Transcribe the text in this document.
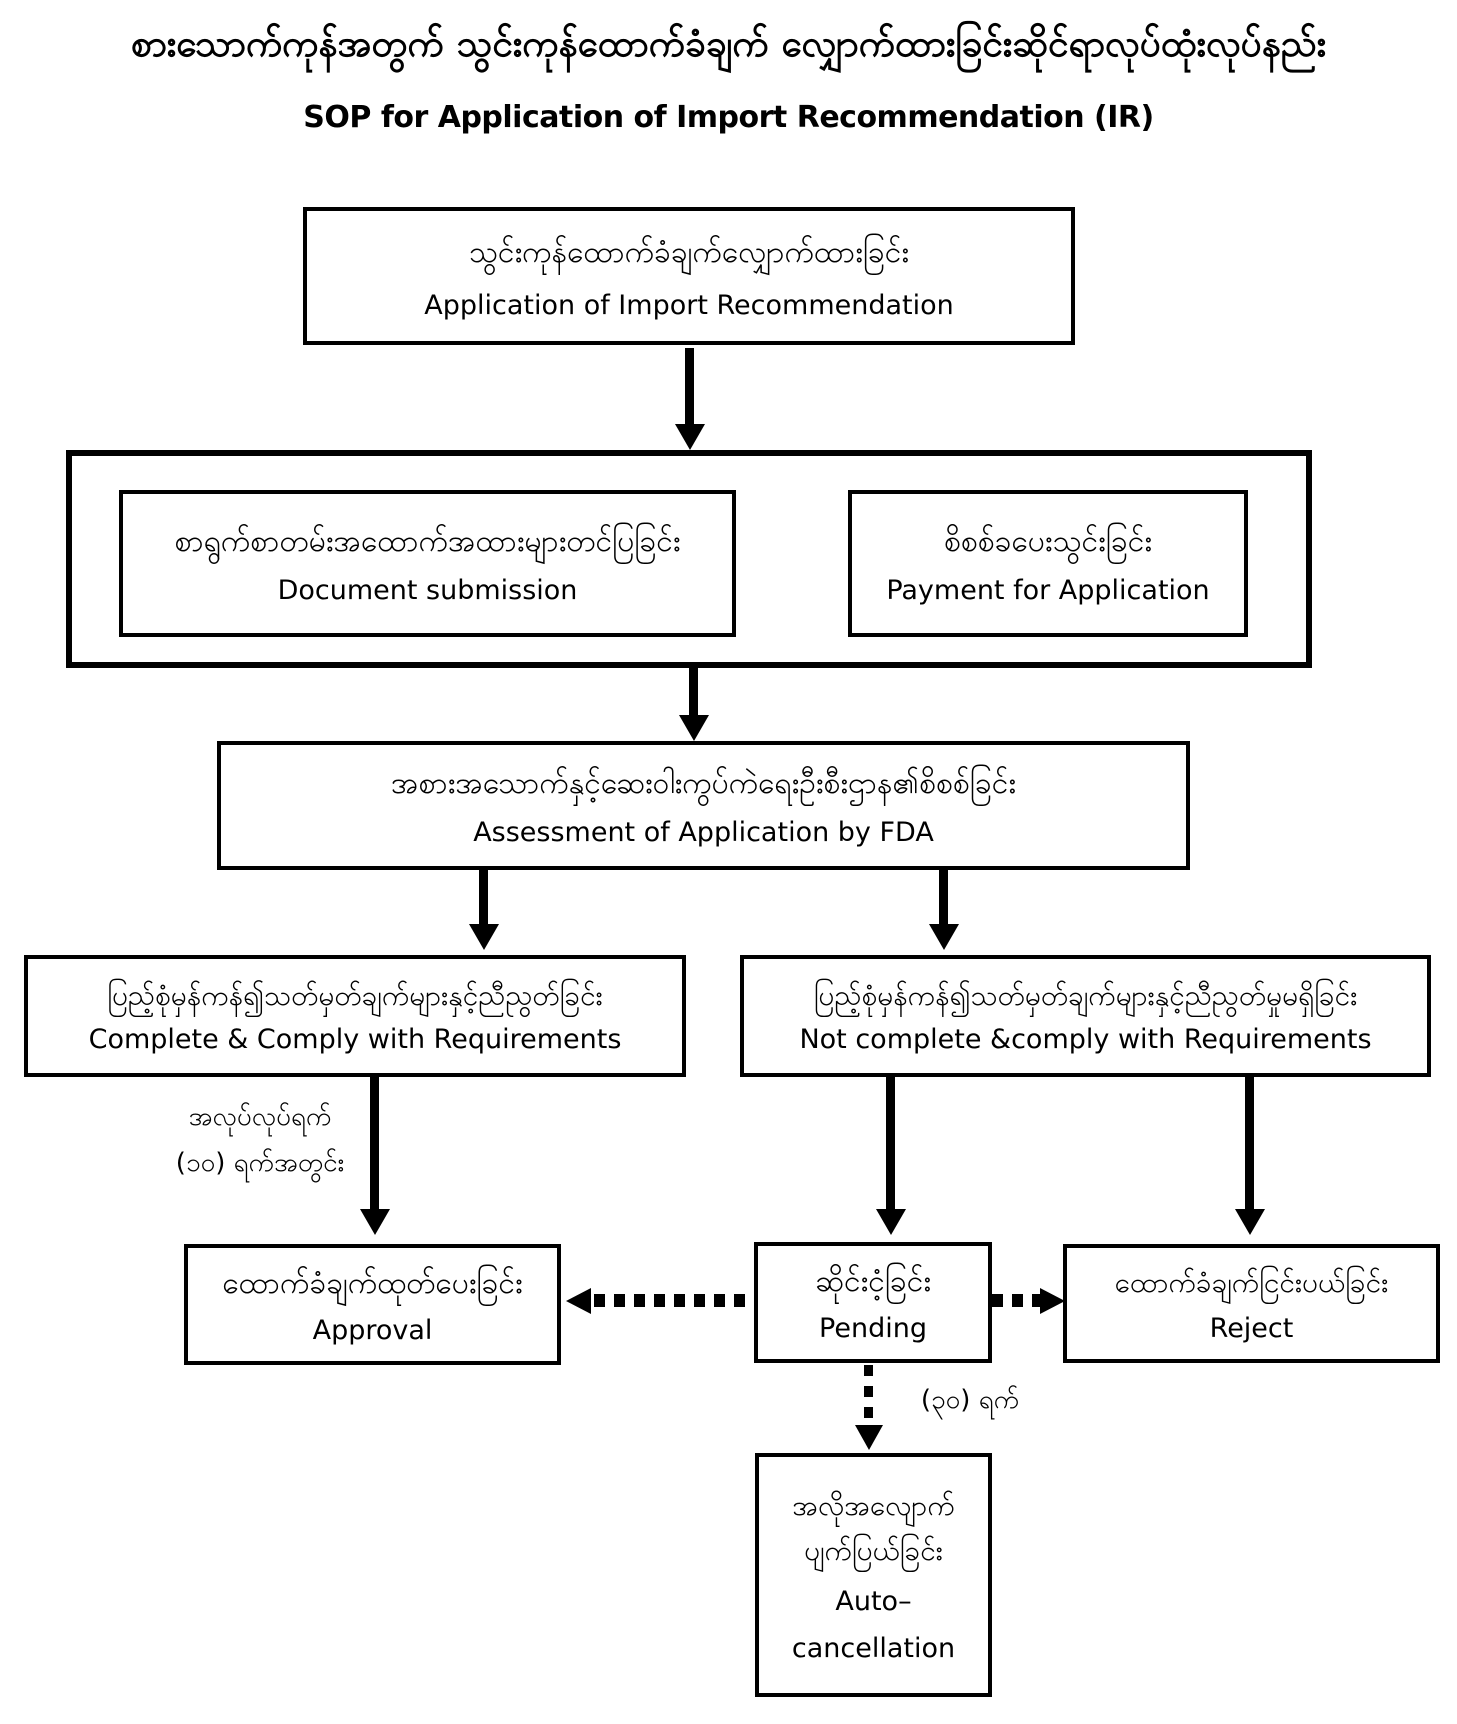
စားသောက်ကုန်အတွက် သွင်းကုန်ထောက်ခံချက် လျှောက်ထားခြင်းဆိုင်ရာလုပ်ထုံးလုပ်နည်း
SOP for Application of Import Recommendation (IR)
သွင်းကုန်ထောက်ခံချက်လျှောက်ထားခြင်း
Application of Import Recommendation
စာရွက်စာတမ်းအထောက်အထားများတင်ပြခြင်း
Document submission
စိစစ်ခပေးသွင်းခြင်း
Payment for Application
အစားအသောက်နှင့်ဆေးဝါးကွပ်ကဲရေးဦးစီးဌာန၏စိစစ်ခြင်း
Assessment of Application by FDA
ပြည့်စုံမှန်ကန်၍သတ်မှတ်ချက်များနှင့်ညီညွတ်ခြင်း
Complete & Comply with Requirements
ပြည့်စုံမှန်ကန်၍သတ်မှတ်ချက်များနှင့်ညီညွတ်မှုမရှိခြင်း
Not complete &comply with Requirements
အလုပ်လုပ်ရက်
(၁၀) ရက်အတွင်း
ထောက်ခံချက်ထုတ်ပေးခြင်း
Approval
ဆိုင်းငံ့ခြင်း
Pending
ထောက်ခံချက်ငြင်းပယ်ခြင်း
Reject
(၃၀) ရက်
အလိုအလျောက်
ပျက်ပြယ်ခြင်း
Auto–
cancellation
